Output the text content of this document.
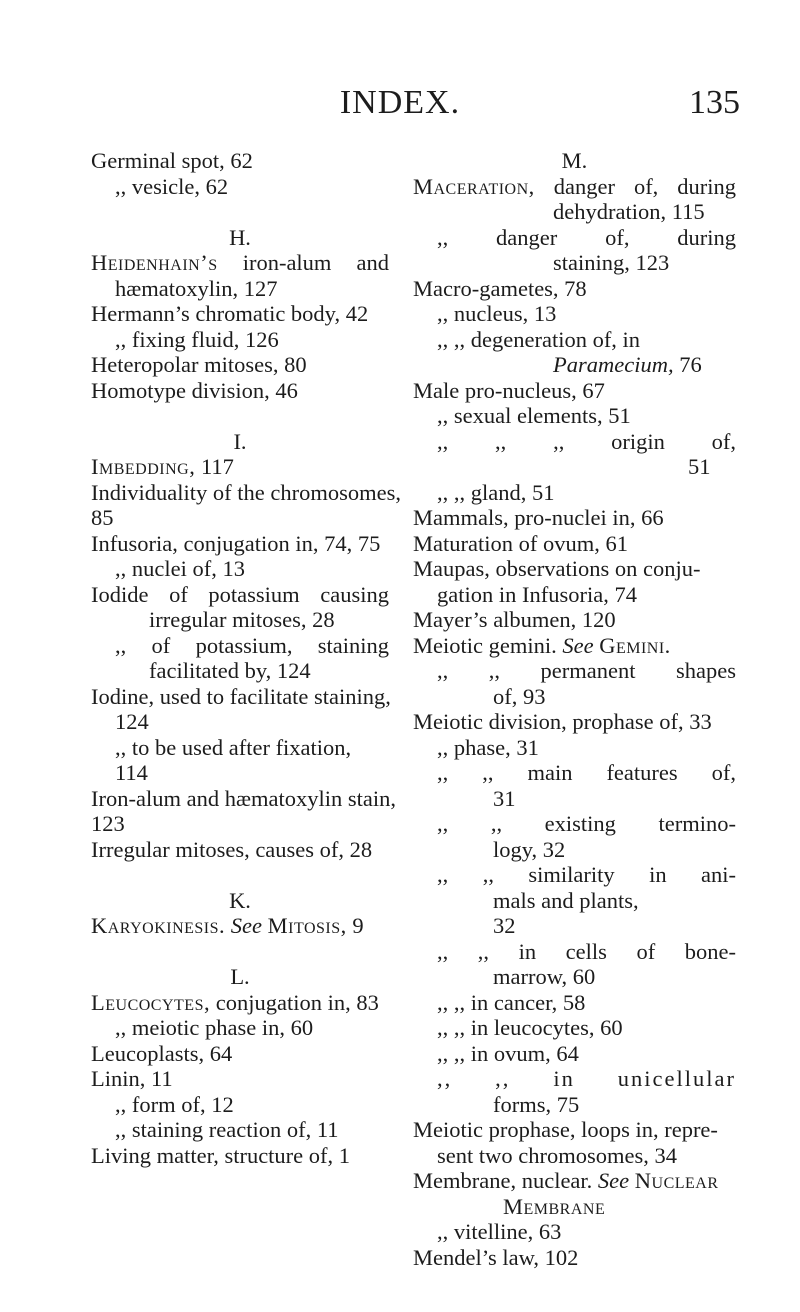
INDEX.	135
Germinal spot, 62
,, vesicle, 62
H.
Heidenhain’s iron-alum and
hæmatoxylin, 127
Hermann’s chromatic body, 42
,, fixing fluid, 126
Heteropolar mitoses, 80
Homotype division, 46
I.
Imbedding, 117
Individuality of the chromosomes,
85
Infusoria, conjugation in, 74, 75
,, nuclei of, 13
Iodide of potassium causing
irregular mitoses, 28
,, of potassium, staining
facilitated by, 124
Iodine, used to facilitate staining,
124
,, to be used after fixation,
114
Iron-alum and hæmatoxylin stain,
123
Irregular mitoses, causes of, 28
K.
Karyokinesis. See Mitosis, 9
L.
Leucocytes, conjugation in, 83
,, meiotic phase in, 60
Leucoplasts, 64
Linin, 11
,, form of, 12
,, staining reaction of, 11
Living matter, structure of, 1
M.
Maceration, danger of, during
dehydration, 115
,, danger of, during
staining, 123
Macro-gametes, 78
,, nucleus, 13
,, ,, degeneration of, in
Paramecium, 76
Male pro-nucleus, 67
,, sexual elements, 51
,, ,, ,, origin of,
51
,, ,, gland, 51
Mammals, pro-nuclei in, 66
Maturation of ovum, 61
Maupas, observations on conju-
gation in Infusoria, 74
Mayer’s albumen, 120
Meiotic gemini. See Gemini.
,, ,, permanent shapes
of, 93
Meiotic division, prophase of, 33
,, phase, 31
,, ,, main features of,
31
,, ,, existing termino-
logy, 32
,, ,, similarity in ani-
mals and plants,
32
,, ,, in cells of bone-
marrow, 60
,, ,, in cancer, 58
,, ,, in leucocytes, 60
,, ,, in ovum, 64
,, ,, in unicellular
forms, 75
Meiotic prophase, loops in, repre-
sent two chromosomes, 34
Membrane, nuclear. See Nuclear
Membrane
,, vitelline, 63
Mendel’s law, 102
